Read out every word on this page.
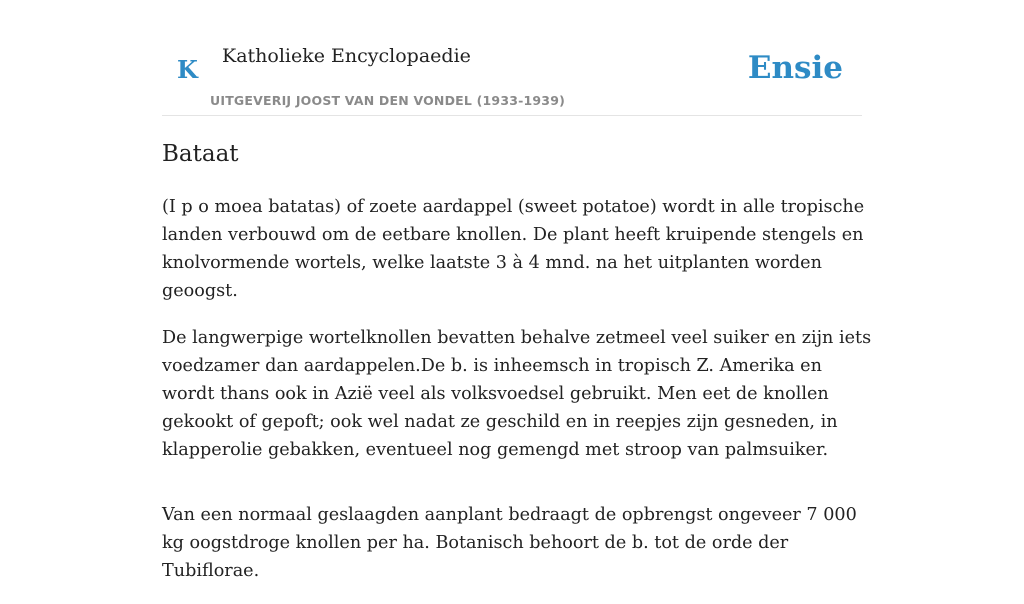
K Katholieke Encyclopaedie
UITGEVERIJ JOOST VAN DEN VONDEL (1933-1939)
Ensie
Bataat

(I p o moea batatas) of zoete aardappel (sweet potatoe) wordt in alle tropische landen verbouwd om de eetbare knollen. De plant heeft kruipende stengels en knolvormende wortels, welke laatste 3 à 4 mnd. na het uitplanten worden geoogst.

De langwerpige wortelknollen bevatten behalve zetmeel veel suiker en zijn iets voedzamer dan aardappelen.De b. is inheemsch in tropisch Z. Amerika en wordt thans ook in Azië veel als volksvoedsel gebruikt. Men eet de knollen gekookt of gepoft; ook wel nadat ze geschild en in reepjes zijn gesneden, in klapperolie gebakken, eventueel nog gemengd met stroop van palmsuiker.

Van een normaal geslaagden aanplant bedraagt de opbrengst ongeveer 7 000 kg oogstdroge knollen per ha. Botanisch behoort de b. tot de orde der Tubiflorae.
